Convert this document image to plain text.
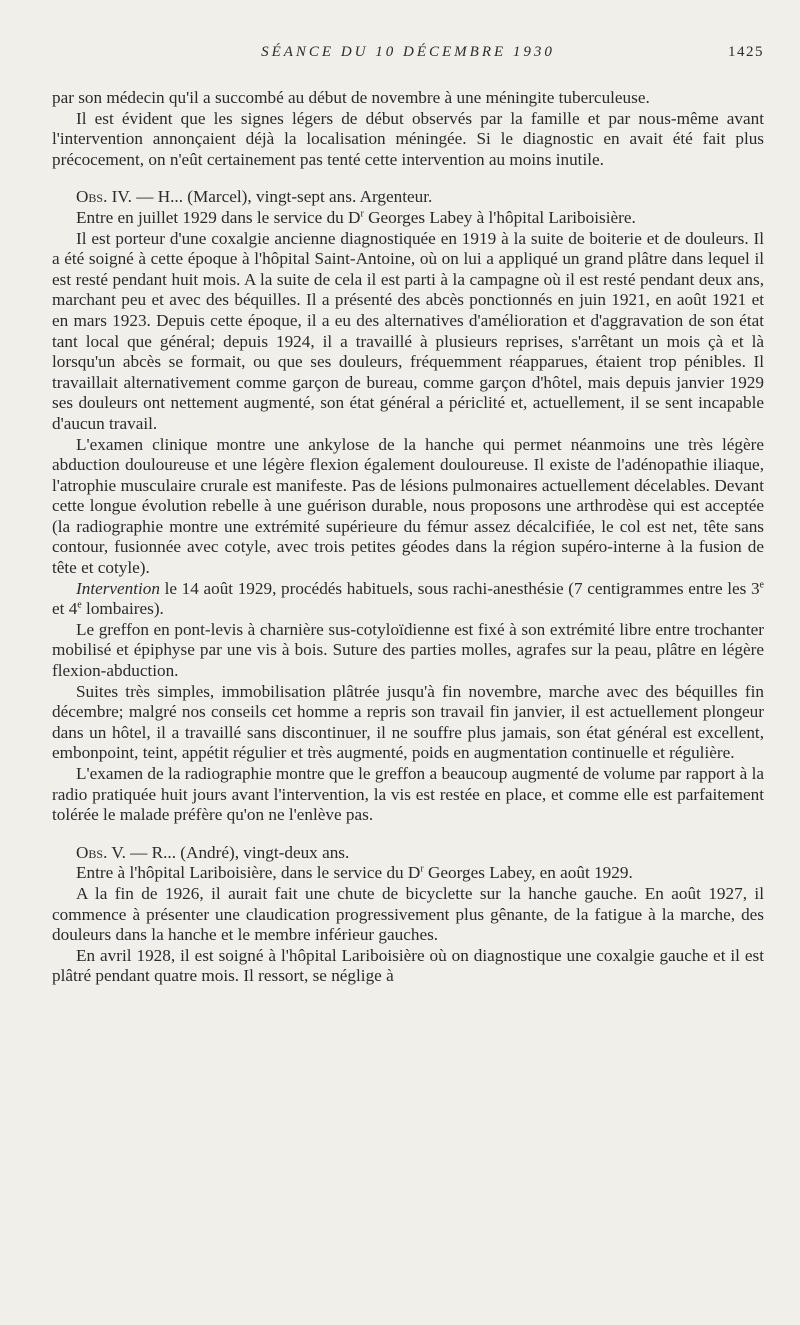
SÉANCE DU 10 DÉCEMBRE 1930	1425

par son médecin qu'il a succombé au début de novembre à une méningite tuberculeuse.

Il est évident que les signes légers de début observés par la famille et par nous-même avant l'intervention annonçaient déjà la localisation méningée. Si le diagnostic en avait été fait plus précocement, on n'eût certainement pas tenté cette intervention au moins inutile.

Obs. IV. — H... (Marcel), vingt-sept ans. Argenteur.

Entre en juillet 1929 dans le service du $D^r$ Georges Labey à l'hôpital Lariboisière.

Il est porteur d'une coxalgie ancienne diagnostiquée en 1919 à la suite de boiterie et de douleurs. Il a été soigné à cette époque à l'hôpital Saint-Antoine, où on lui a appliqué un grand plâtre dans lequel il est resté pendant huit mois. A la suite de cela il est parti à la campagne où il est resté pendant deux ans, marchant peu et avec des béquilles. Il a présenté des abcès ponctionnés en juin 1921, en août 1921 et en mars 1923. Depuis cette époque, il a eu des alternatives d'amélioration et d'aggravation de son état tant local que général; depuis 1924, il a travaillé à plusieurs reprises, s'arrêtant un mois çà et là lorsqu'un abcès se formait, ou que ses douleurs, fréquemment réapparues, étaient trop pénibles. Il travaillait alternativement comme garçon de bureau, comme garçon d'hôtel, mais depuis janvier 1929 ses douleurs ont nettement augmenté, son état général a périclité et, actuellement, il se sent incapable d'aucun travail.

L'examen clinique montre une ankylose de la hanche qui permet néanmoins une très légère abduction douloureuse et une légère flexion également douloureuse. Il existe de l'adénopathie iliaque, l'atrophie musculaire crurale est manifeste. Pas de lésions pulmonaires actuellement décelables. Devant cette longue évolution rebelle à une guérison durable, nous proposons une arthrodèse qui est acceptée (la radiographie montre une extrémité supérieure du fémur assez décalcifiée, le col est net, tête sans contour, fusionnée avec cotyle, avec trois petites géodes dans la région supéro-interne à la fusion de tête et cotyle).

Intervention le 14 août 1929, procédés habituels, sous rachi-anesthésie (7 centigrammes entre les 3e et 4e lombaires).

Le greffon en pont-levis à charnière sus-cotyloïdienne est fixé à son extrémité libre entre trochanter mobilisé et épiphyse par une vis à bois. Suture des parties molles, agrafes sur la peau, plâtre en légère flexion-abduction.

Suites très simples, immobilisation plâtrée jusqu'à fin novembre, marche avec des béquilles fin décembre; malgré nos conseils cet homme a repris son travail fin janvier, il est actuellement plongeur dans un hôtel, il a travaillé sans discontinuer, il ne souffre plus jamais, son état général est excellent, embonpoint, teint, appétit régulier et très augmenté, poids en augmentation continuelle et régulière.

L'examen de la radiographie montre que le greffon a beaucoup augmenté de volume par rapport à la radio pratiquée huit jours avant l'intervention, la vis est restée en place, et comme elle est parfaitement tolérée le malade préfère qu'on ne l'enlève pas.

Obs. V. — R... (André), vingt-deux ans.

Entre à l'hôpital Lariboisière, dans le service du $D^r$ Georges Labey, en août 1929.

A la fin de 1926, il aurait fait une chute de bicyclette sur la hanche gauche. En août 1927, il commence à présenter une claudication progressivement plus gênante, de la fatigue à la marche, des douleurs dans la hanche et le membre inférieur gauches.

En avril 1928, il est soigné à l'hôpital Lariboisière où on diagnostique une coxalgie gauche et il est plâtré pendant quatre mois. Il ressort, se néglige à
